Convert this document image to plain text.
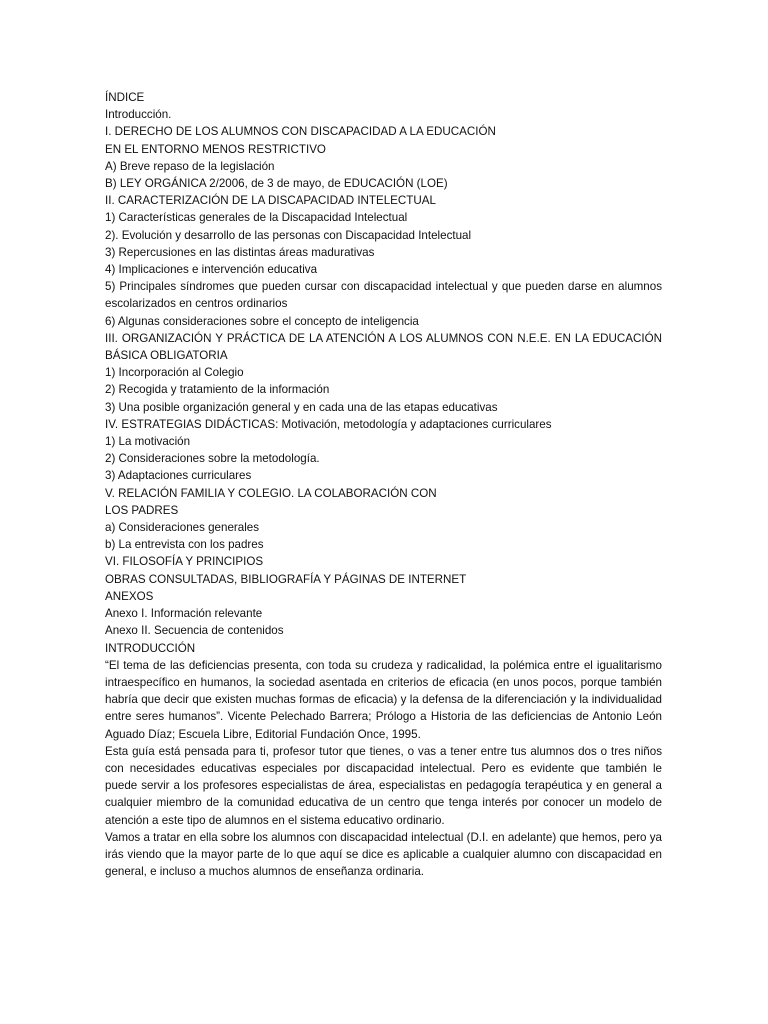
ÍNDICE

Introducción.

I. DERECHO DE LOS ALUMNOS CON DISCAPACIDAD A LA EDUCACIÓN

EN EL ENTORNO MENOS RESTRICTIVO

A) Breve repaso de la legislación

B) LEY ORGÁNICA 2/2006, de 3 de mayo, de EDUCACIÓN (LOE)

II. CARACTERIZACIÓN DE LA DISCAPACIDAD INTELECTUAL

1) Características generales de la Discapacidad Intelectual

2). Evolución y desarrollo de las personas con Discapacidad Intelectual

3) Repercusiones en las distintas áreas madurativas

4) Implicaciones e intervención educativa

5) Principales síndromes que pueden cursar con discapacidad intelectual y que pueden darse en alumnos escolarizados en centros ordinarios

6) Algunas consideraciones sobre el concepto de inteligencia

III. ORGANIZACIÓN Y PRÁCTICA DE LA ATENCIÓN A LOS ALUMNOS CON N.E.E. EN LA EDUCACIÓN BÁSICA OBLIGATORIA

1) Incorporación al Colegio

2) Recogida y tratamiento de la información

3) Una posible organización general y en cada una de las etapas educativas

IV. ESTRATEGIAS DIDÁCTICAS: Motivación, metodología y adaptaciones curriculares

1) La motivación

2) Consideraciones sobre la metodología.

3) Adaptaciones curriculares

V. RELACIÓN FAMILIA Y COLEGIO. LA COLABORACIÓN CON

LOS PADRES

a) Consideraciones generales

b) La entrevista con los padres

VI. FILOSOFÍA Y PRINCIPIOS

OBRAS CONSULTADAS, BIBLIOGRAFÍA Y PÁGINAS DE INTERNET

ANEXOS

Anexo I. Información relevante

Anexo II. Secuencia de contenidos

INTRODUCCIÓN

“El tema de las deficiencias presenta, con toda su crudeza y radicalidad, la polémica entre el igualitarismo intraespecífico en humanos, la sociedad asentada en criterios de eficacia (en unos pocos, porque también habría que decir que existen muchas formas de eficacia) y la defensa de la diferenciación y la individualidad entre seres humanos”. Vicente Pelechado Barrera; Prólogo a Historia de las deficiencias de Antonio León Aguado Díaz; Escuela Libre, Editorial Fundación Once, 1995.

Esta guía está pensada para ti, profesor tutor que tienes, o vas a tener entre tus alumnos dos o tres niños con necesidades educativas especiales por discapacidad intelectual. Pero es evidente que también le puede servir a los profesores especialistas de área, especialistas en pedagogía terapéutica y en general a cualquier miembro de la comunidad educativa de un centro que tenga interés por conocer un modelo de atención a este tipo de alumnos en el sistema educativo ordinario.

Vamos a tratar en ella sobre los alumnos con discapacidad intelectual (D.I. en adelante) que hemos, pero ya irás viendo que la mayor parte de lo que aquí se dice es aplicable a cualquier alumno con discapacidad en general, e incluso a muchos alumnos de enseñanza ordinaria.
